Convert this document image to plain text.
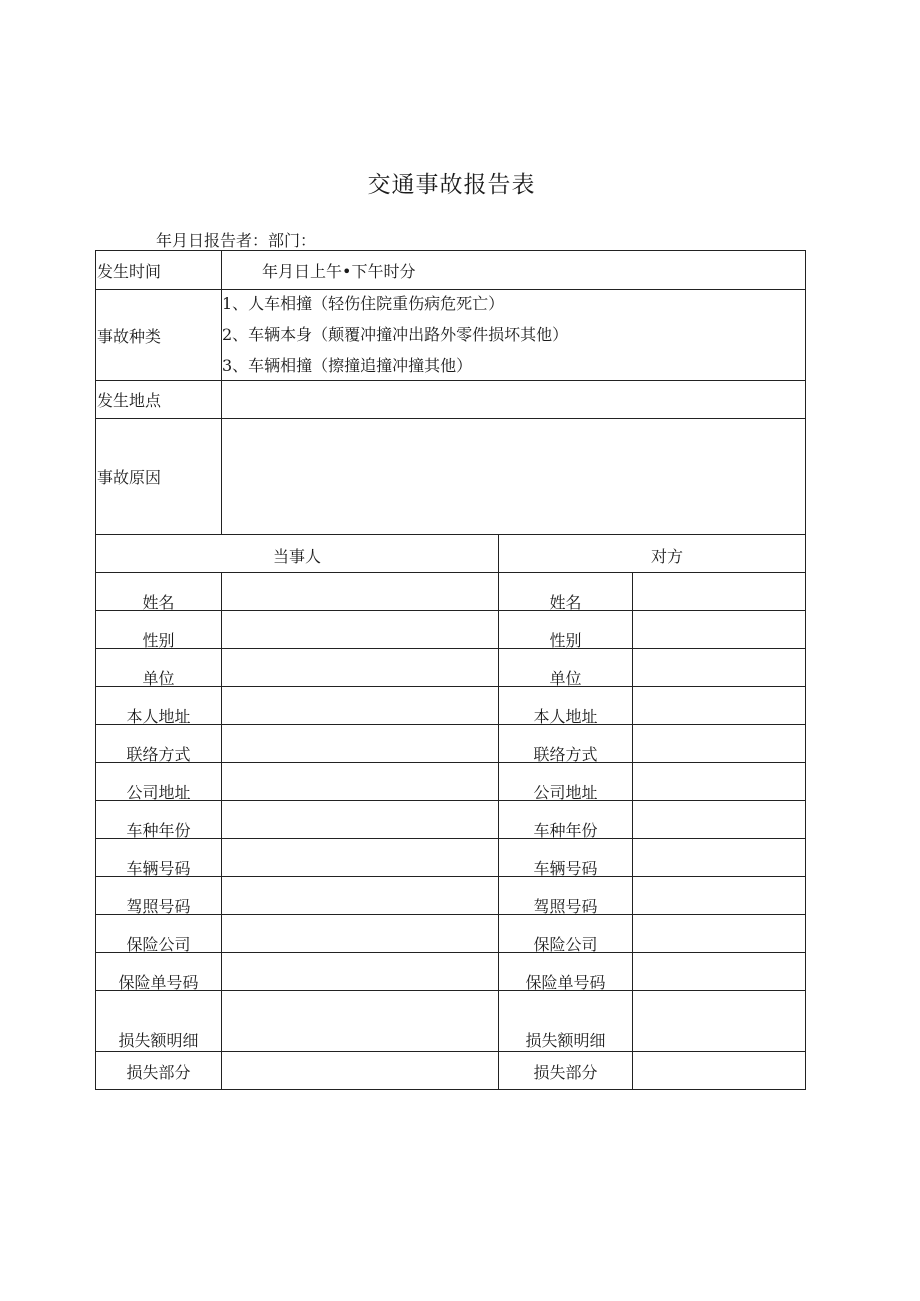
交通事故报告表
年月日报告者：部门：
发生时间	年月日上午•下午时分
事故种类
1、人车相撞（轻伤住院重伤病危死亡）
2、车辆本身（颠覆冲撞冲出路外零件损坏其他）
3、车辆相撞（擦撞追撞冲撞其他）
发生地点
事故原因
当事人	对方
姓名	姓名
性别	性别
单位	单位
本人地址	本人地址
联络方式	联络方式
公司地址	公司地址
车种年份	车种年份
车辆号码	车辆号码
驾照号码	驾照号码
保险公司	保险公司
保险单号码	保险单号码
损失额明细	损失额明细
损失部分	损失部分
